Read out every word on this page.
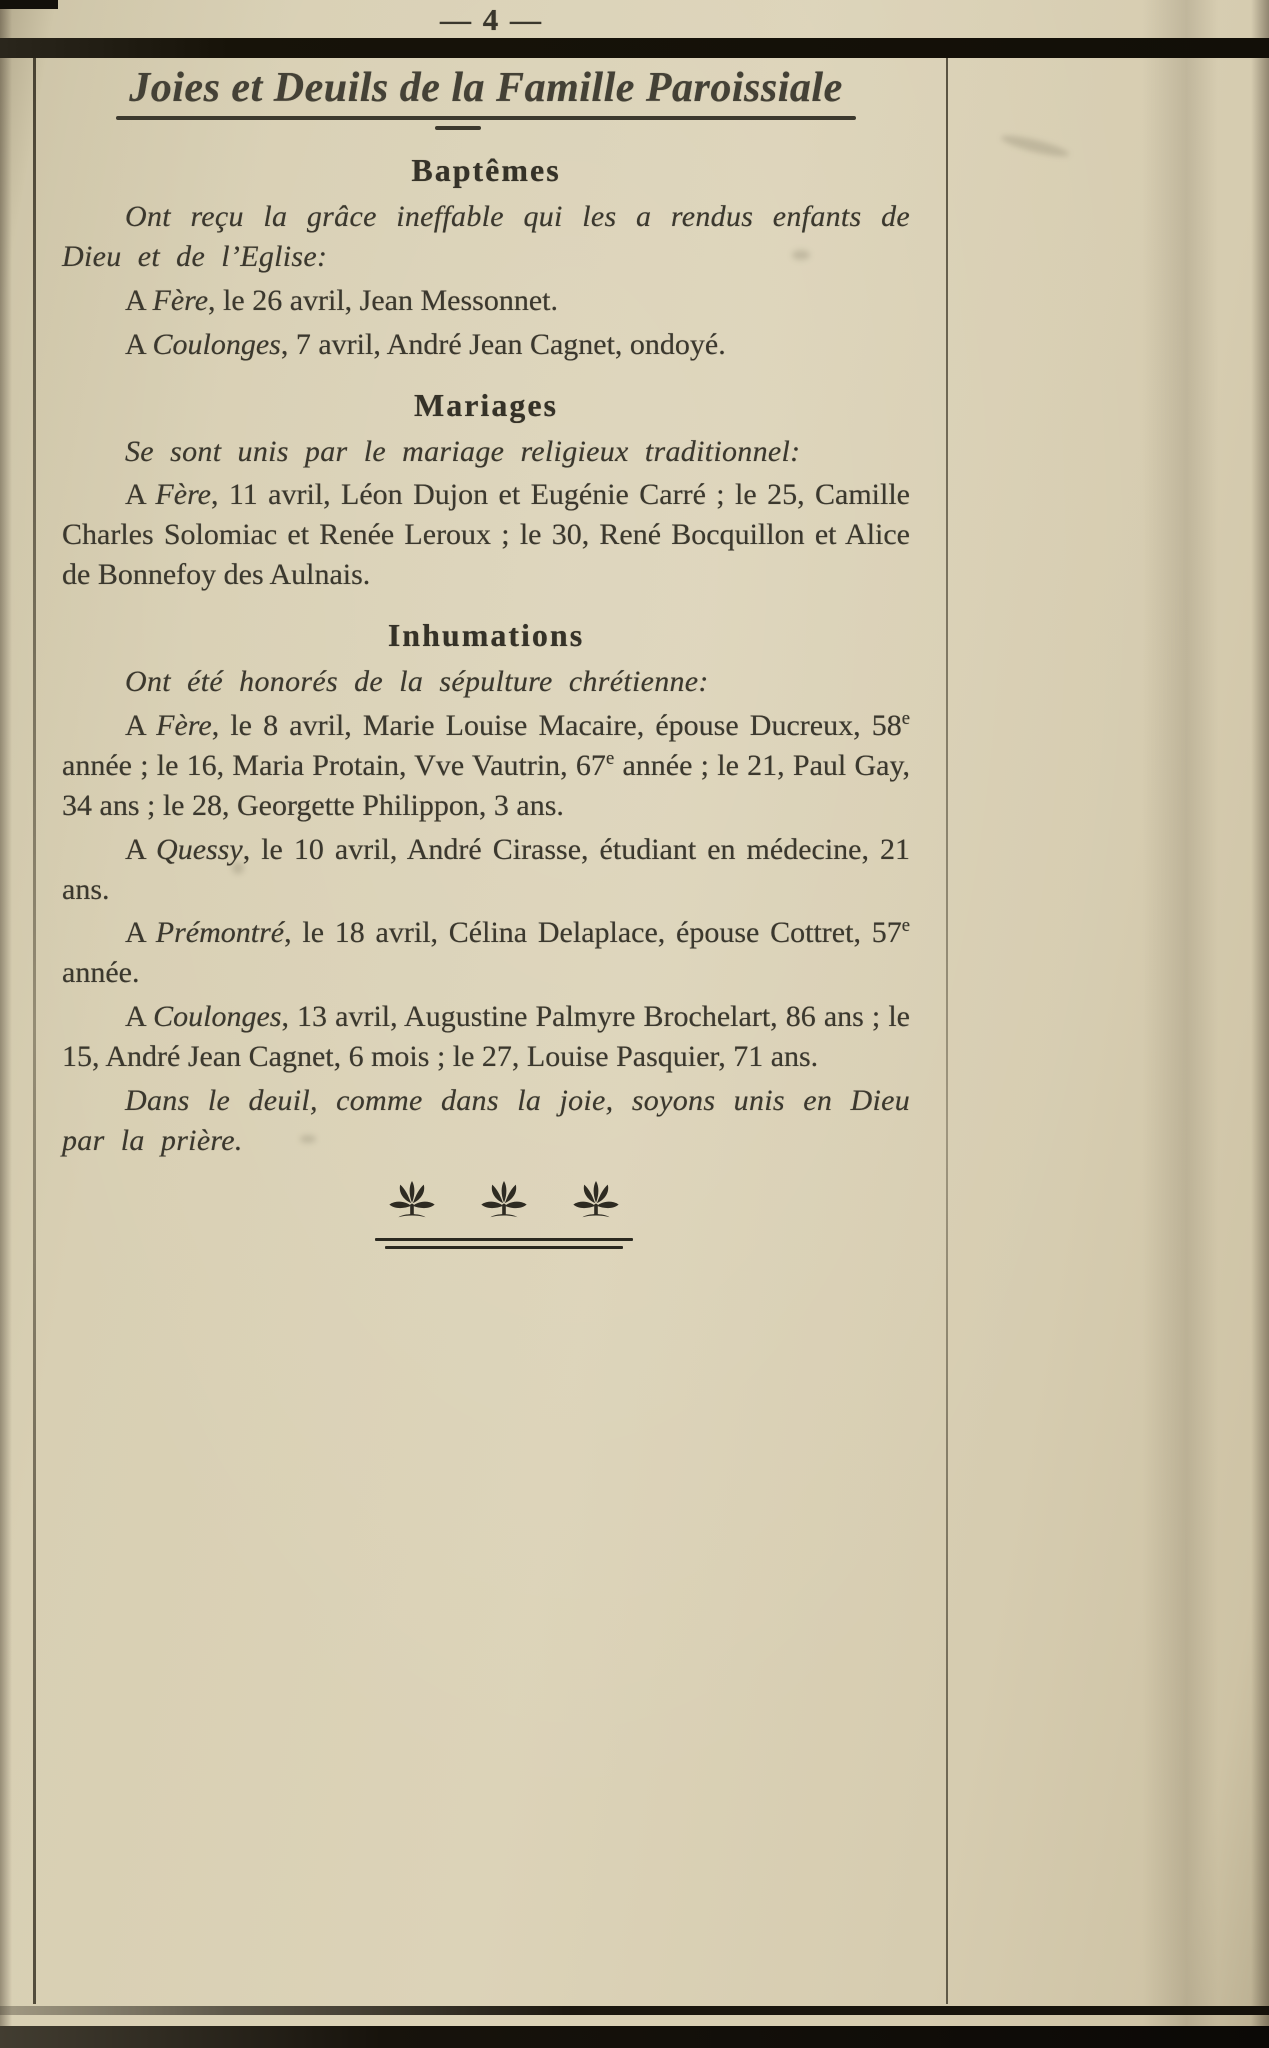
— 4 —
Joies et Deuils de la Famille Paroissiale
Baptêmes

Ont reçu la grâce ineffable qui les a rendus enfants de Dieu et de l’Eglise:

A Fère, le 26 avril, Jean Messonnet.

A Coulonges, 7 avril, André Jean Cagnet, ondoyé.

Mariages

Se sont unis par le mariage religieux traditionnel:

A Fère, 11 avril, Léon Dujon et Eugénie Carré ; le 25, Camille Charles Solomiac et Renée Leroux ; le 30, René Bocquillon et Alice de Bonnefoy des Aulnais.

Inhumations

Ont été honorés de la sépulture chrétienne:

A Fère, le 8 avril, Marie Louise Macaire, épouse Ducreux, 58e année ; le 16, Maria Protain, Vve Vautrin, 67e année ; le 21, Paul Gay, 34 ans ; le 28, Georgette Philippon, 3 ans.

A Quessy, le 10 avril, André Cirasse, étudiant en médecine, 21 ans.

A Prémontré, le 18 avril, Célina Delaplace, épouse Cottret, 57e année.

A Coulonges, 13 avril, Augustine Palmyre Brochelart, 86 ans ; le 15, André Jean Cagnet, 6 mois ; le 27, Louise Pasquier, 71 ans.

Dans le deuil, comme dans la joie, soyons unis en Dieu par la prière.
